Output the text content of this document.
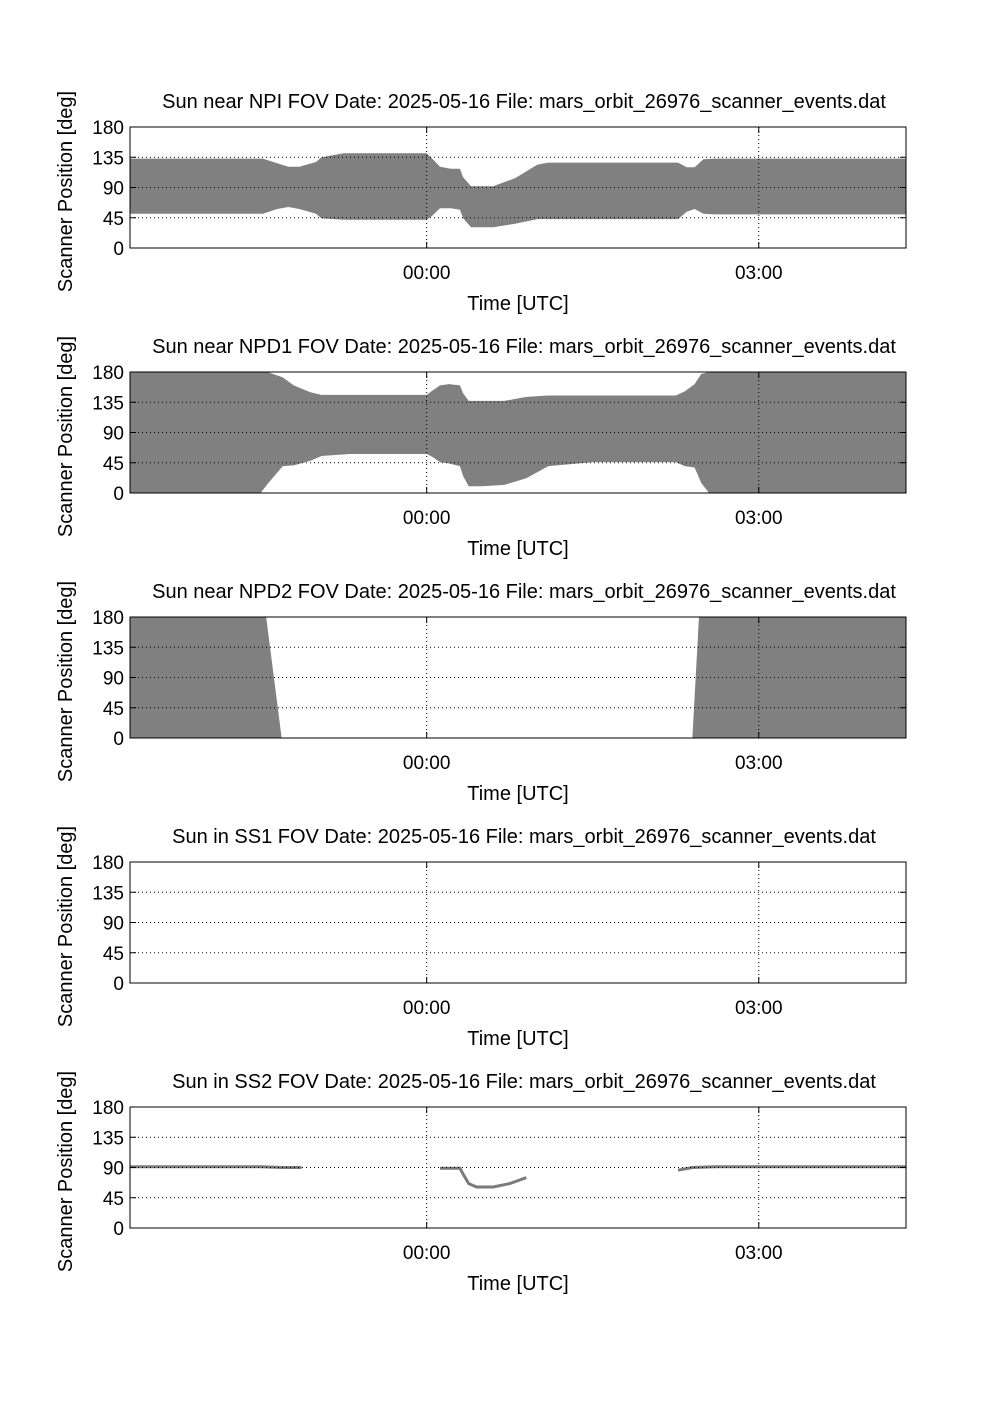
0
45
90
135
180
00:00	03:00
Sun near NPI FOV Date: 2025-05-16 File: mars_orbit_26976_scanner_events.dat
Time [UTC]
Scanner Position [deg]
0
45
90
135
180
00:00	03:00
Sun near NPD1 FOV Date: 2025-05-16 File: mars_orbit_26976_scanner_events.dat
Time [UTC]
Scanner Position [deg]
0
45
90
135
180
00:00	03:00
Sun near NPD2 FOV Date: 2025-05-16 File: mars_orbit_26976_scanner_events.dat
Time [UTC]
Scanner Position [deg]
0
45
90
135
180
00:00	03:00
Sun in SS1 FOV Date: 2025-05-16 File: mars_orbit_26976_scanner_events.dat
Time [UTC]
Scanner Position [deg]
0
45
90
135
180
00:00	03:00
Sun in SS2 FOV Date: 2025-05-16 File: mars_orbit_26976_scanner_events.dat
Time [UTC]
Scanner Position [deg]
